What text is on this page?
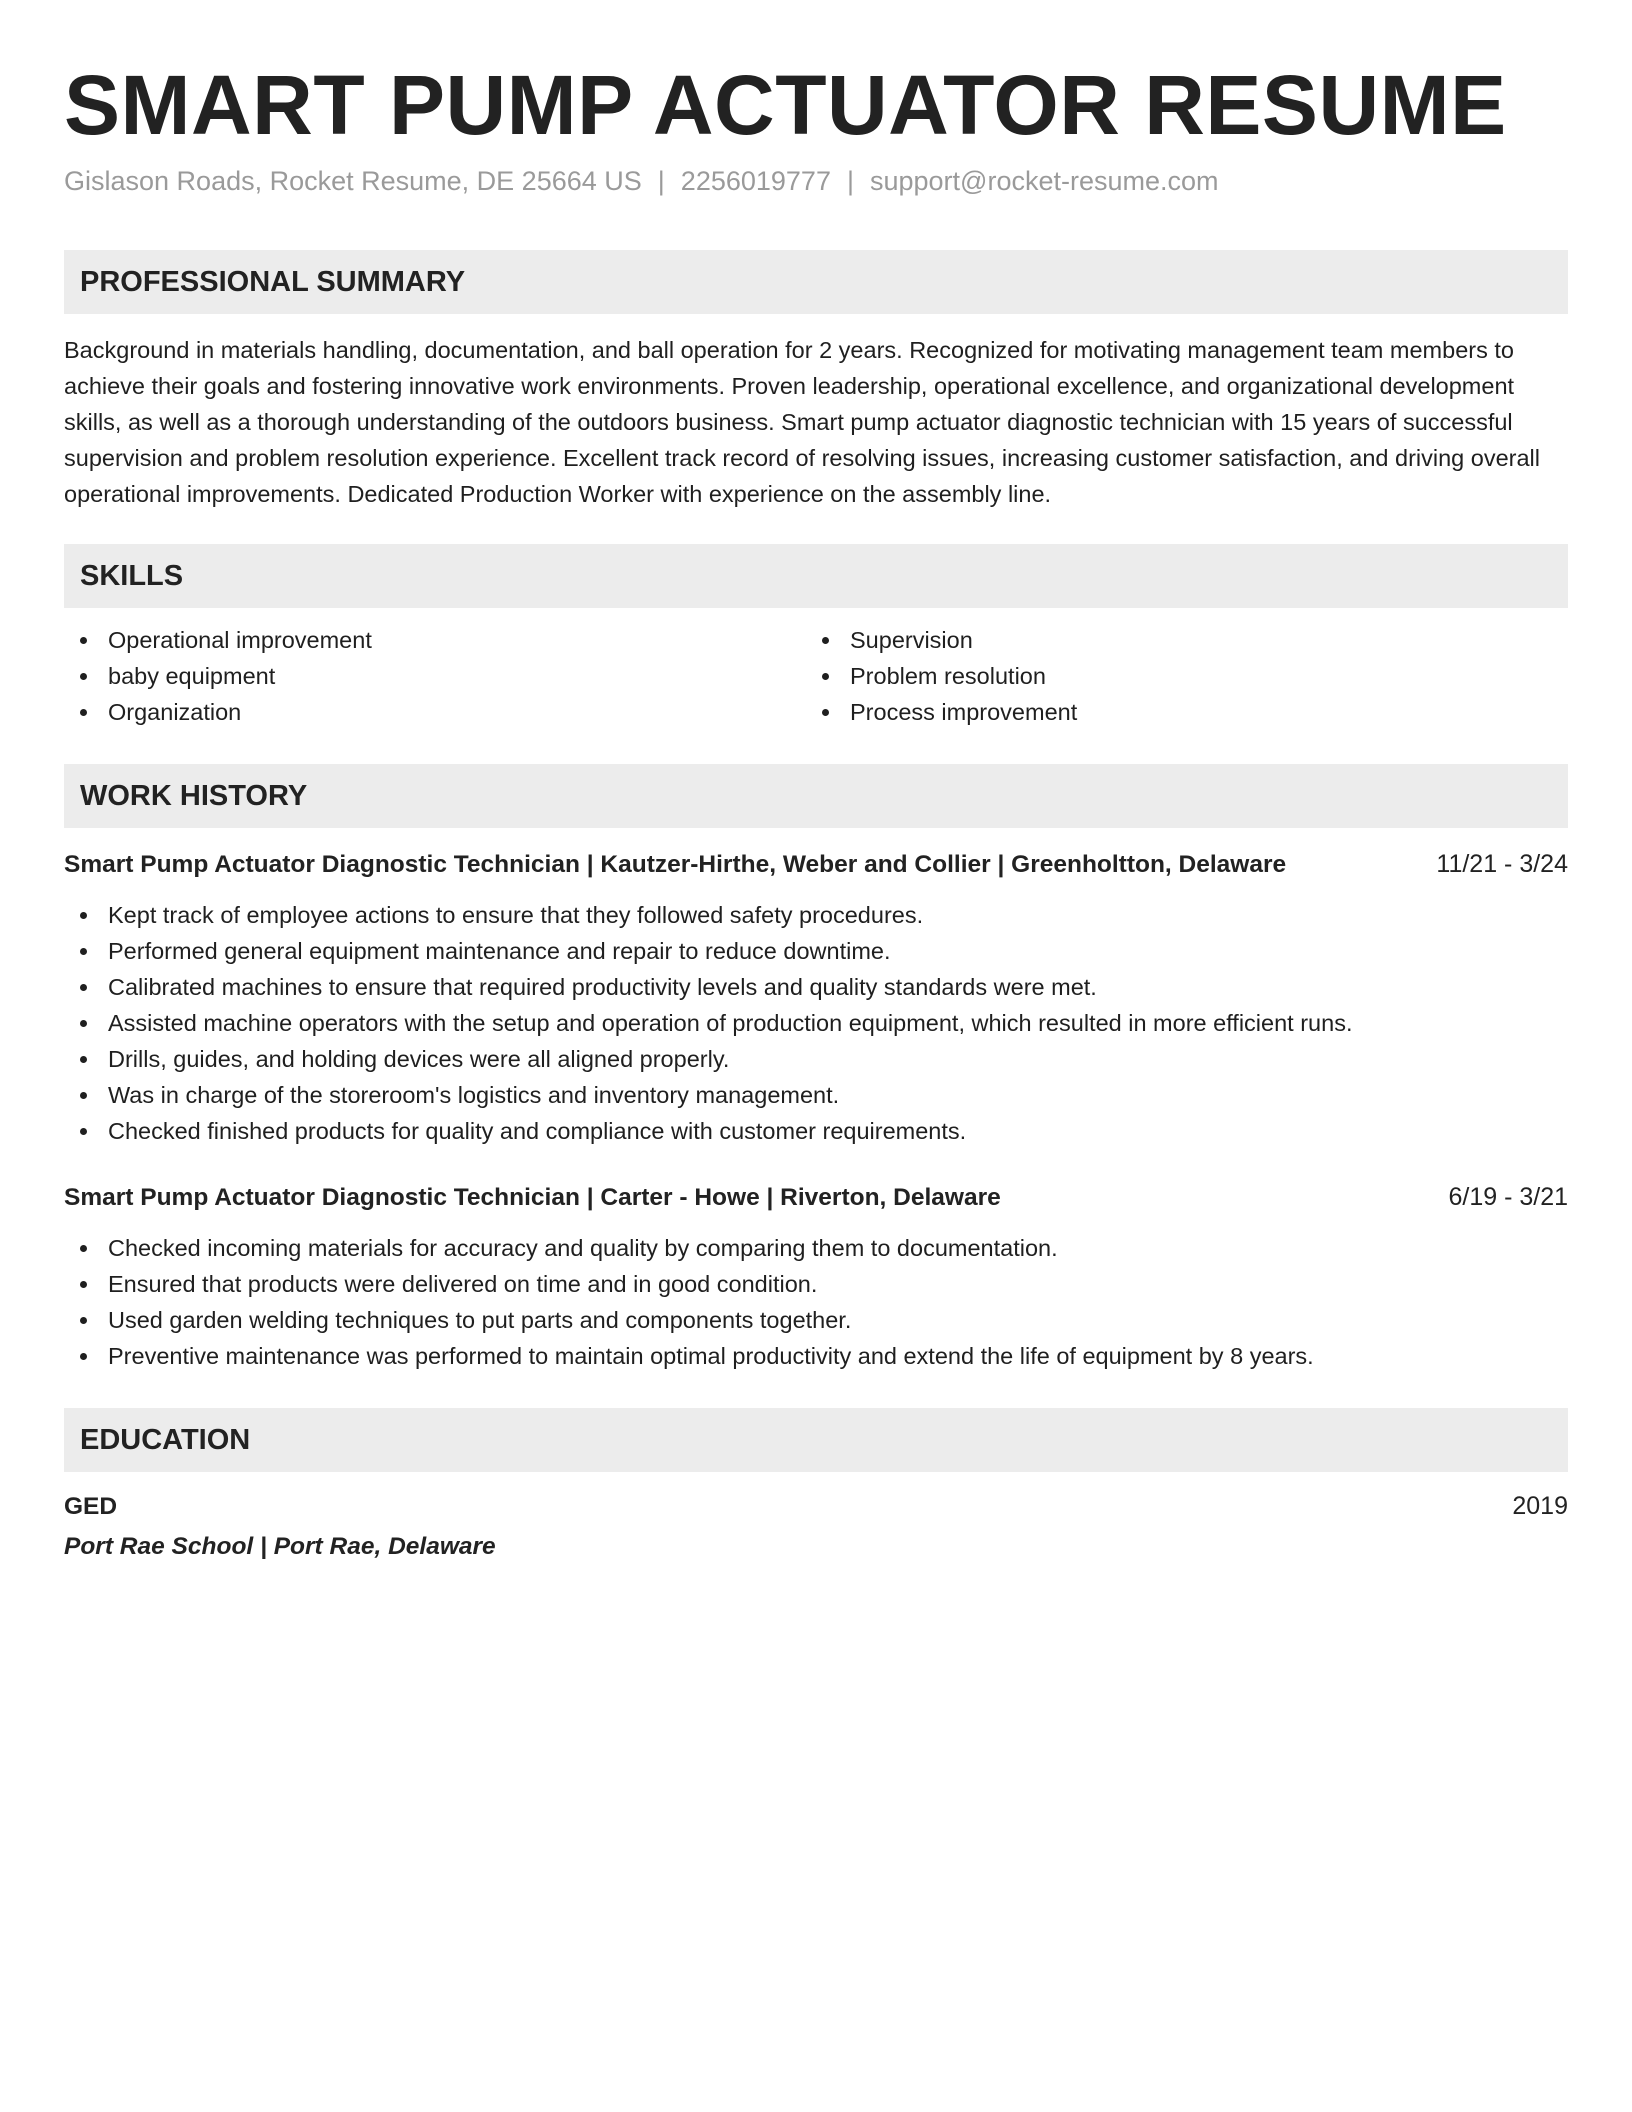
SMART PUMP ACTUATOR RESUME
Gislason Roads, Rocket Resume, DE 25664 US | 2256019777 | support@rocket-resume.com
PROFESSIONAL SUMMARY

Background in materials handling, documentation, and ball operation for 2 years. Recognized for motivating management team members to achieve their goals and fostering innovative work environments. Proven leadership, operational excellence, and organizational development skills, as well as a thorough understanding of the outdoors business. Smart pump actuator diagnostic technician with 15 years of successful supervision and problem resolution experience. Excellent track record of resolving issues, increasing customer satisfaction, and driving overall operational improvements. Dedicated Production Worker with experience on the assembly line.

SKILLS
Operational improvement
baby equipment
Organization
Supervision
Problem resolution
Process improvement
WORK HISTORY
Smart Pump Actuator Diagnostic Technician | Kautzer-Hirthe, Weber and Collier | Greenholtton, Delaware	11/21 - 3/24
Kept track of employee actions to ensure that they followed safety procedures.
Performed general equipment maintenance and repair to reduce downtime.
Calibrated machines to ensure that required productivity levels and quality standards were met.
Assisted machine operators with the setup and operation of production equipment, which resulted in more efficient runs.
Drills, guides, and holding devices were all aligned properly.
Was in charge of the storeroom's logistics and inventory management.
Checked finished products for quality and compliance with customer requirements.
Smart Pump Actuator Diagnostic Technician | Carter - Howe | Riverton, Delaware	6/19 - 3/21
Checked incoming materials for accuracy and quality by comparing them to documentation.
Ensured that products were delivered on time and in good condition.
Used garden welding techniques to put parts and components together.
Preventive maintenance was performed to maintain optimal productivity and extend the life of equipment by 8 years.
EDUCATION
GED	2019
Port Rae School | Port Rae, Delaware
